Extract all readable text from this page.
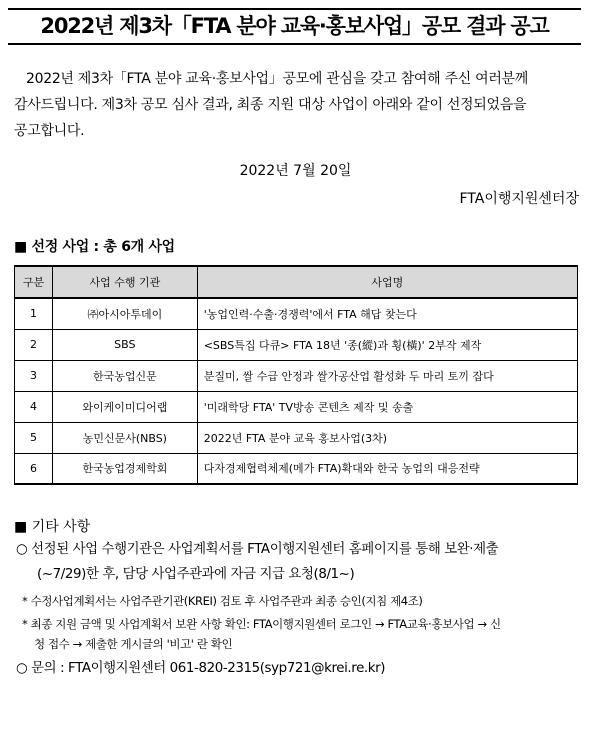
2022년 제3차「FTA 분야 교육·홍보사업」공모 결과 공고

2022년 제3차「FTA 분야 교육·홍보사업」공모에 관심을 갖고 참여해 주신 여러분께

감사드립니다. 제3차 공모 심사 결과, 최종 지원 대상 사업이 아래와 같이 선정되었음을
공고합니다.
2022년 7월 20일
FTA이행지원센터장
■ 선정 사업 : 총 6개 사업
구분	사업 수행 기관	사업명
1	㈜아시아투데이	'농업인력·수출·경쟁력'에서 FTA 해답 찾는다
2	SBS	<SBS특집 다큐> FTA 18년 '종(縱)과 횡(橫)' 2부작 제작
3	한국농업신문	분질미, 쌀 수급 안정과 쌀가공산업 활성화 두 마리 토끼 잡다
4	와이케이미디어랩	'미래학당 FTA' TV방송 콘텐츠 제작 및 송출
5	농민신문사(NBS)	2022년 FTA 분야 교육 홍보사업(3차)
6	한국농업경제학회	다자경제협력체제(메가 FTA)확대와 한국 농업의 대응전략
■ 기타 사항
○ 선정된 사업 수행기관은 사업계획서를 FTA이행지원센터 홈페이지를 통해 보완·제출
(~7/29)한 후, 담당 사업주관과에 자금 지급 요청(8/1~)
* 수정사업계획서는 사업주관기관(KREI) 검토 후 사업주관과 최종 승인(지침 제4조)
* 최종 지원 금액 및 사업계획서 보완 사항 확인: FTA이행지원센터 로그인 → FTA교육·홍보사업 → 신
청 접수 → 제출한 게시글의 '비고' 란 확인
○ 문의 : FTA이행지원센터 061-820-2315(syp721@krei.re.kr)
